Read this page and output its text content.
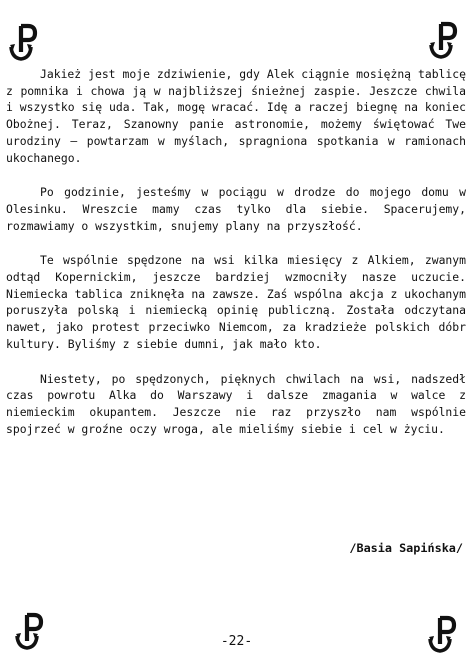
Jakież jest moje zdziwienie, gdy Alek ciągnie mosiężną tablicę z pomnika i chowa ją w najbliższej śnieżnej zaspie. Jeszcze chwila i wszystko się uda. Tak, mogę wracać. Idę a raczej biegnę na koniec Obożnej. Teraz, Szanowny panie astronomie, możemy świętować Twe urodziny – powtarzam w myślach, spragniona spotkania w ramionach ukochanego.

Po godzinie, jesteśmy w pociągu w drodze do mojego domu w Olesinku. Wreszcie mamy czas tylko dla siebie. Spacerujemy, rozmawiamy o wszystkim, snujemy plany na przyszłość.

Te wspólnie spędzone na wsi kilka miesięcy z Alkiem, zwanym odtąd Kopernickim, jeszcze bardziej wzmocniły nasze uczucie. Niemiecka tablica zniknęła na zawsze. Zaś wspólna akcja z ukochanym poruszyła polską i niemiecką opinię publiczną. Została odczytana nawet, jako protest przeciwko Niemcom, za kradzieże polskich dóbr kultury. Byliśmy z siebie dumni, jak mało kto.

Niestety, po spędzonych, pięknych chwilach na wsi, nadszedł czas powrotu Alka do Warszawy i dalsze zmagania w walce z niemieckim okupantem. Jeszcze nie raz przyszło nam wspólnie spojrzeć w groźne oczy wroga, ale mieliśmy siebie i cel w życiu.

/Basia Sapińska/
-22-
